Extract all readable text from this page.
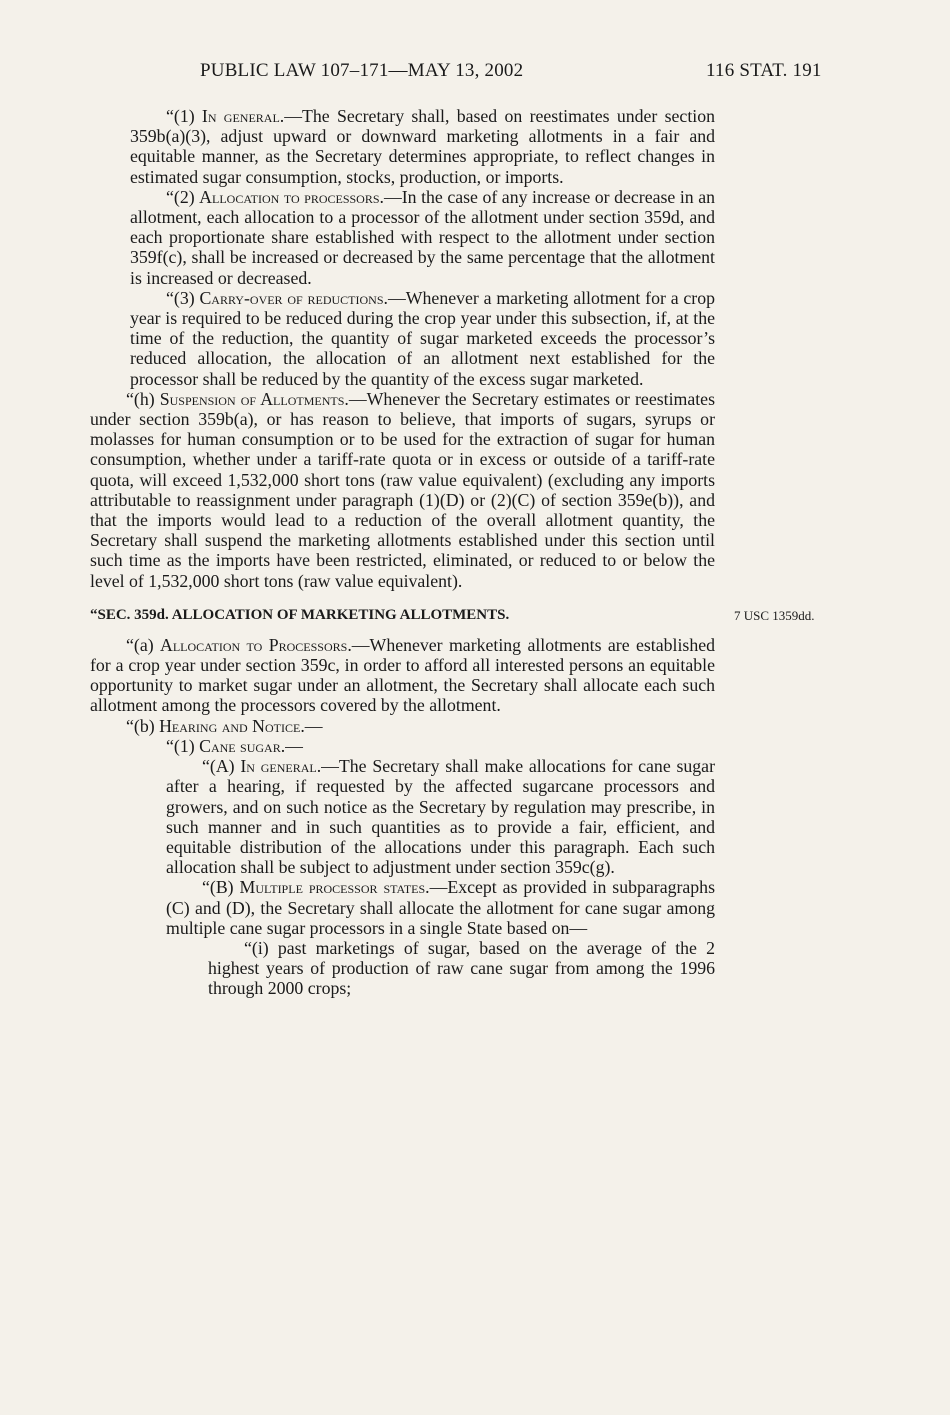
PUBLIC LAW 107–171—MAY 13, 2002	116 STAT. 191

“(1) In general.—The Secretary shall, based on reestimates under section 359b(a)(3), adjust upward or downward marketing allotments in a fair and equitable manner, as the Secretary determines appropriate, to reflect changes in estimated sugar consumption, stocks, production, or imports.

“(2) Allocation to processors.—In the case of any increase or decrease in an allotment, each allocation to a processor of the allotment under section 359d, and each proportionate share established with respect to the allotment under section 359f(c), shall be increased or decreased by the same percentage that the allotment is increased or decreased.

“(3) Carry-over of reductions.—Whenever a marketing allotment for a crop year is required to be reduced during the crop year under this subsection, if, at the time of the reduction, the quantity of sugar marketed exceeds the processor’s reduced allocation, the allocation of an allotment next established for the processor shall be reduced by the quantity of the excess sugar marketed.

“(h) Suspension of Allotments.—Whenever the Secretary estimates or reestimates under section 359b(a), or has reason to believe, that imports of sugars, syrups or molasses for human consumption or to be used for the extraction of sugar for human consumption, whether under a tariff-rate quota or in excess or outside of a tariff-rate quota, will exceed 1,532,000 short tons (raw value equivalent) (excluding any imports attributable to reassignment under paragraph (1)(D) or (2)(C) of section 359e(b)), and that the imports would lead to a reduction of the overall allotment quantity, the Secretary shall suspend the marketing allotments established under this section until such time as the imports have been restricted, eliminated, or reduced to or below the level of 1,532,000 short tons (raw value equivalent).

“SEC. 359d. ALLOCATION OF MARKETING ALLOTMENTS.	7 USC 1359dd.

“(a) Allocation to Processors.—Whenever marketing allotments are established for a crop year under section 359c, in order to afford all interested persons an equitable opportunity to market sugar under an allotment, the Secretary shall allocate each such allotment among the processors covered by the allotment.

“(b) Hearing and Notice.—

“(1) Cane sugar.—

“(A) In general.—The Secretary shall make allocations for cane sugar after a hearing, if requested by the affected sugarcane processors and growers, and on such notice as the Secretary by regulation may prescribe, in such manner and in such quantities as to provide a fair, efficient, and equitable distribution of the allocations under this paragraph. Each such allocation shall be subject to adjustment under section 359c(g).

“(B) Multiple processor states.—Except as provided in subparagraphs (C) and (D), the Secretary shall allocate the allotment for cane sugar among multiple cane sugar processors in a single State based on—

“(i) past marketings of sugar, based on the average of the 2 highest years of production of raw cane sugar from among the 1996 through 2000 crops;
